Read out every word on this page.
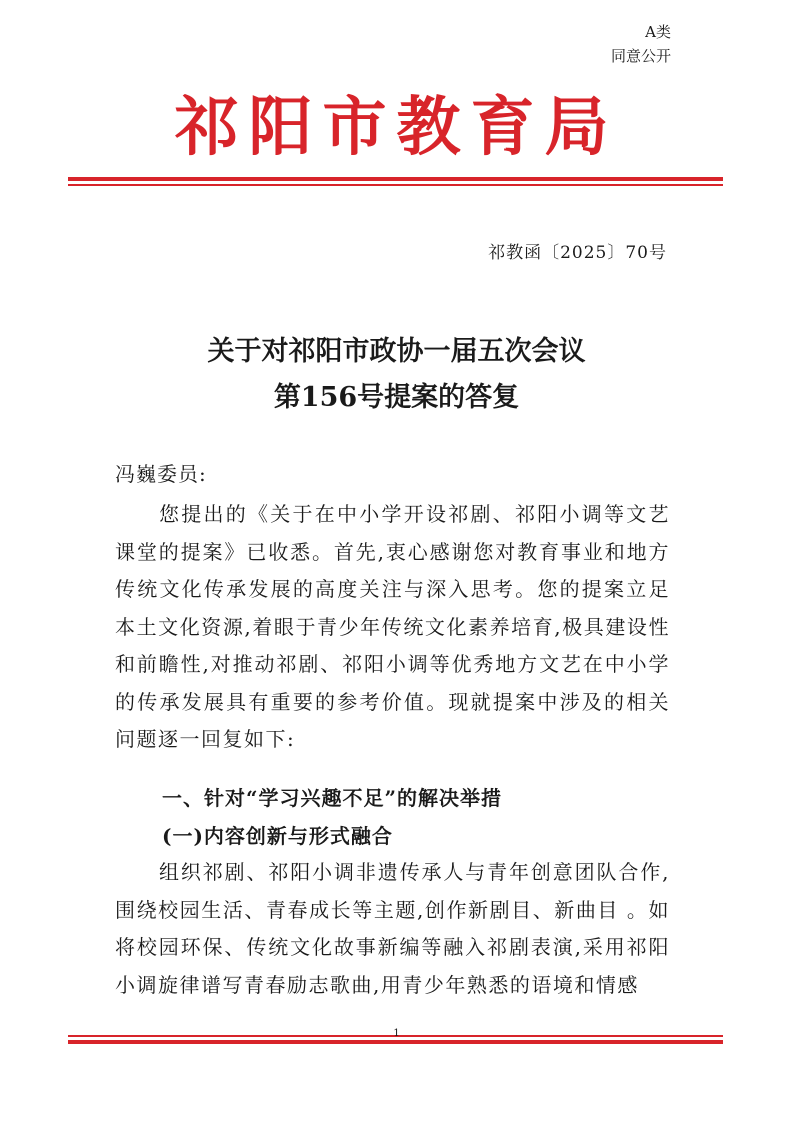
A类
同意公开
祁阳市教育局
祁教函〔2025〕70号
关于对祁阳市政协一届五次会议
第156号提案的答复
冯巍委员:
您提出的《关于在中小学开设祁剧、祁阳小调等文艺课堂的提案》已收悉。首先,衷心感谢您对教育事业和地方传统文化传承发展的高度关注与深入思考。您的提案立足本土文化资源,着眼于青少年传统文化素养培育,极具建设性和前瞻性,对推动祁剧、祁阳小调等优秀地方文艺在中小学的传承发展具有重要的参考价值。现就提案中涉及的相关问题逐一回复如下:
一、针对“学习兴趣不足”的解决举措
(一)内容创新与形式融合
组织祁剧、祁阳小调非遗传承人与青年创意团队合作,围绕校园生活、青春成长等主题,创作新剧目、新曲目 。如将校园环保、传统文化故事新编等融入祁剧表演,采用祁阳小调旋律谱写青春励志歌曲,用青少年熟悉的语境和情感
1
